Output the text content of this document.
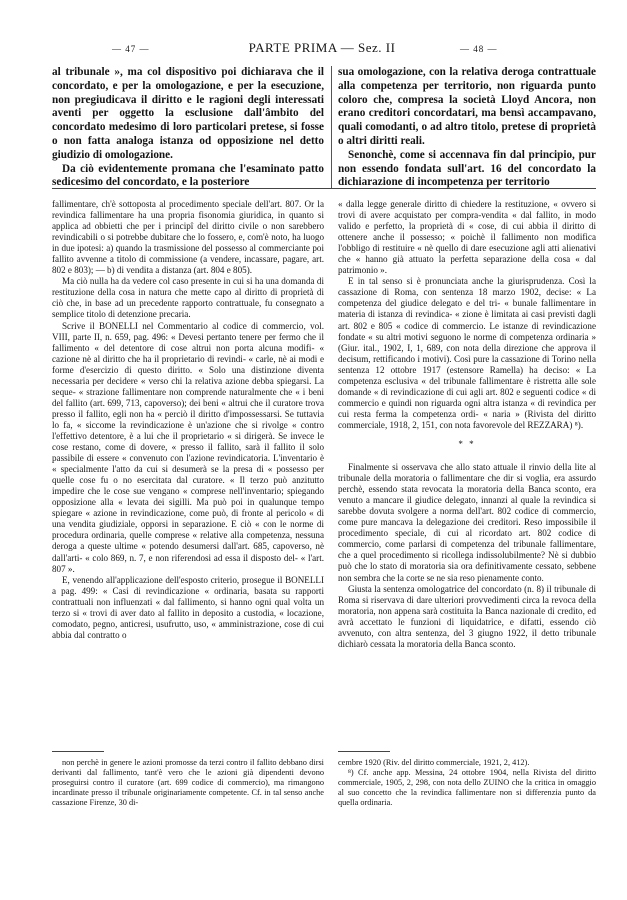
— 47 —	PARTE PRIMA — Sez. II	— 48 —

al tribunale », ma col dispositivo poi dichiarava che il concordato, e per la omologazione, e per la esecuzione, non pregiudicava il diritto e le ragioni degli interessati aventi per oggetto la esclusione dall'âmbito del concordato medesimo di loro particolari pretese, si fosse o non fatta analoga istanza od opposizione nel detto giudizio di omologazione.

Da ciò evidentemente promana che l'esaminato patto sedicesimo del concordato, e la posteriore

sua omologazione, con la relativa deroga contrattuale alla competenza per territorio, non riguarda punto coloro che, compresa la società Lloyd Ancora, non erano creditori concordatari, ma bensì accampavano, quali comodanti, o ad altro titolo, pretese di proprietà o altri diritti reali.

Senonchè, come si accennava fin dal principio, pur non essendo fondata sull'art. 16 del concordato la dichiarazione di incompetenza per territorio

fallimentare, ch'è sottoposta al procedimento speciale dell'art. 807. Or la revindica fallimentare ha una propria fisonomia giuridica, in quanto si applica ad obbietti che per i principî del diritto civile o non sarebbero revindicabili o si potrebbe dubitare che lo fossero, e, com'è noto, ha luogo in due ipotesi: a) quando la trasmissione del possesso al commerciante poi fallito avvenne a titolo di commissione (a vendere, incassare, pagare, art. 802 e 803); — b) di vendita a distanza (art. 804 e 805).

Ma ciò nulla ha da vedere col caso presente in cui si ha una domanda di restituzione della cosa in natura che mette capo al diritto di proprietà di ciò che, in base ad un precedente rapporto contrattuale, fu consegnato a semplice titolo di detenzione precaria.

Scrive il BONELLI nel Commentario al codice di commercio, vol. VIII, parte II, n. 659, pag. 496: « Devesi pertanto tenere per fermo che il fallimento « del detentore di cose altrui non porta alcuna modifi- « cazione nè al diritto che ha il proprietario di revindi- « carle, nè ai modi e forme d'esercizio di questo diritto. « Solo una distinzione diventa necessaria per decidere « verso chi la relativa azione debba spiegarsi. La seque- « strazione fallimentare non comprende naturalmente che « i beni del fallito (art. 699, 713, capoverso); dei beni « altrui che il curatore trova presso il fallito, egli non ha « perciò il diritto d'impossessarsi. Se tuttavia lo fa, « siccome la revindicazione è un'azione che si rivolge « contro l'effettivo detentore, è a lui che il proprietario « si dirigerà. Se invece le cose restano, come di dovere, « presso il fallito, sarà il fallito il solo passibile di essere « convenuto con l'azione revindicatoria. L'inventario è « specialmente l'atto da cui si desumerà se la presa di « possesso per quelle cose fu o no esercitata dal curatore. « Il terzo può anzitutto impedire che le cose sue vengano « comprese nell'inventario; spiegando opposizione alla « levata dei sigilli. Ma può poi in qualunque tempo spiegare « azione in revindicazione, come può, di fronte al pericolo « di una vendita giudiziale, opporsi in separazione. E ciò « con le norme di procedura ordinaria, quelle comprese « relative alla competenza, nessuna deroga a queste ultime « potendo desumersi dall'art. 685, capoverso, nè dall'arti- « colo 869, n. 7, e non riferendosi ad essa il disposto del- « l'art. 807 ».

E, venendo all'applicazione dell'esposto criterio, prosegue il BONELLI a pag. 499: « Casi di revindicazione « ordinaria, basata su rapporti contrattuali non influenzati « dal fallimento, si hanno ogni qual volta un terzo si « trovi di aver dato al fallito in deposito a custodia, « locazione, comodato, pegno, anticresi, usufrutto, uso, « amministrazione, cose di cui abbia dal contratto o

« dalla legge generale diritto di chiedere la restituzione, « ovvero si trovi di avere acquistato per compra-vendita « dal fallito, in modo valido e perfetto, la proprietà di « cose, di cui abbia il diritto di ottenere anche il possesso; « poichè il fallimento non modifica l'obbligo di restituire « nè quello di dare esecuzione agli atti alienativi che « hanno già attuato la perfetta separazione della cosa « dal patrimonio ».

E in tal senso si è pronunciata anche la giurisprudenza. Così la cassazione di Roma, con sentenza 18 marzo 1902, decise: « La competenza del giudice delegato e del tri- « bunale fallimentare in materia di istanza di revindica- « zione è limitata ai casi previsti dagli art. 802 e 805 « codice di commercio. Le istanze di revindicazione fondate « su altri motivi seguono le norme di competenza ordinaria » (Giur. ital., 1902, I, 1, 689, con nota della direzione che approva il decisum, rettificando i motivi). Così pure la cassazione di Torino nella sentenza 12 ottobre 1917 (estensore Ramella) ha deciso: « La competenza esclusiva « del tribunale fallimentare è ristretta alle sole domande « di revindicazione di cui agli art. 802 e seguenti codice « di commercio e quindi non riguarda ogni altra istanza « di revindica per cui resta ferma la competenza ordi- « naria » (Rivista del diritto commerciale, 1918, 2, 151, con nota favorevole del REZZARA) ⁸).

* *

Finalmente si osservava che allo stato attuale il rinvio della lite al tribunale della moratoria o fallimentare che dir si voglia, era assurdo perchè, essendo stata revocata la moratoria della Banca sconto, era venuto a mancare il giudice delegato, innanzi al quale la revindica si sarebbe dovuta svolgere a norma dell'art. 802 codice di commercio, come pure mancava la delegazione dei creditori. Reso impossibile il procedimento speciale, di cui al ricordato art. 802 codice di commercio, come parlarsi di competenza del tribunale fallimentare, che a quel procedimento si ricollega indissolubilmente? Nè si dubbio può che lo stato di moratoria sia ora definitivamente cessato, sebbene non sembra che la corte se ne sia reso pienamente conto.

Giusta la sentenza omologatrice del concordato (n. 8) il tribunale di Roma si riservava di dare ulteriori provvedimenti circa la revoca della moratoria, non appena sarà costituita la Banca nazionale di credito, ed avrà accettato le funzioni di liquidatrice, e difatti, essendo ciò avvenuto, con altra sentenza, del 3 giugno 1922, il detto tribunale dichiarò cessata la moratoria della Banca sconto.

non perchè in genere le azioni promosse da terzi contro il fallito debbano dirsi derivanti dal fallimento, tant'è vero che le azioni già dipendenti devono proseguirsi contro il curatore (art. 699 codice di commercio), ma rimangono incardinate presso il tribunale originariamente competente. Cf. in tal senso anche cassazione Firenze, 30 di-

cembre 1920 (Riv. del diritto commerciale, 1921, 2, 412).

⁸) Cf. anche app. Messina, 24 ottobre 1904, nella Rivista del diritto commerciale, 1905, 2, 298, con nota dello ZUINO che la critica in omaggio al suo concetto che la revindica fallimentare non si differenzia punto da quella ordinaria.
